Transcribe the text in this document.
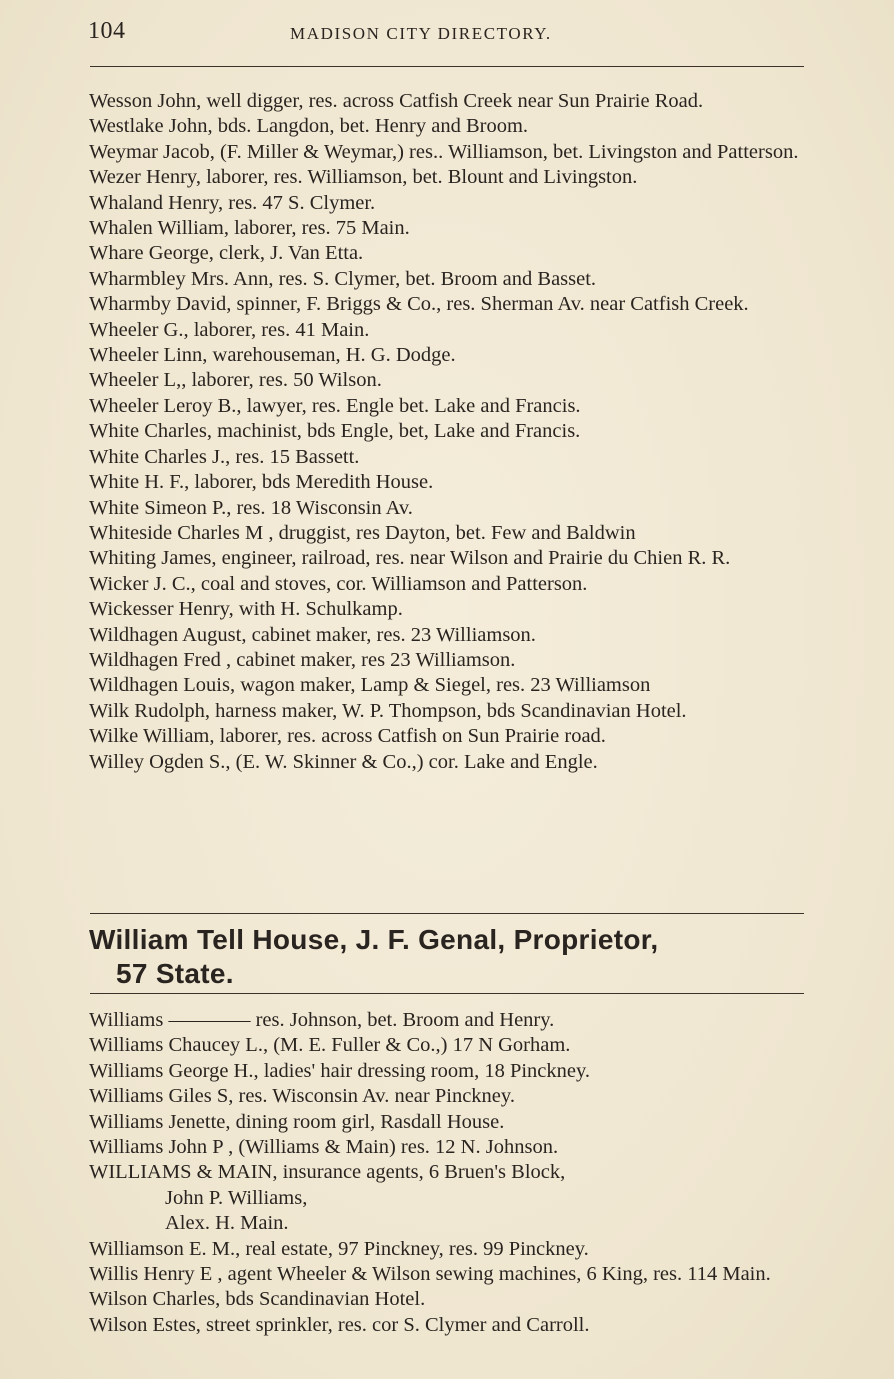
104	MADISON CITY DIRECTORY.
Wesson John, well digger, res. across Catfish Creek near Sun Prairie Road.
Westlake John, bds. Langdon, bet. Henry and Broom.
Weymar Jacob, (F. Miller & Weymar,) res.. Williamson, bet. Livingston and Patterson.
Wezer Henry, laborer, res. Williamson, bet. Blount and Livingston.
Whaland Henry, res. 47 S. Clymer.
Whalen William, laborer, res. 75 Main.
Whare George, clerk, J. Van Etta.
Wharmbley Mrs. Ann, res. S. Clymer, bet. Broom and Basset.
Wharmby David, spinner, F. Briggs & Co., res. Sherman Av. near Catfish Creek.
Wheeler G., laborer, res. 41 Main.
Wheeler Linn, warehouseman, H. G. Dodge.
Wheeler L,, laborer, res. 50 Wilson.
Wheeler Leroy B., lawyer, res. Engle bet. Lake and Francis.
White Charles, machinist, bds Engle, bet, Lake and Francis.
White Charles J., res. 15 Bassett.
White H. F., laborer, bds Meredith House.
White Simeon P., res. 18 Wisconsin Av.
Whiteside Charles M , druggist, res Dayton, bet. Few and Baldwin
Whiting James, engineer, railroad, res. near Wilson and Prairie du Chien R. R.
Wicker J. C., coal and stoves, cor. Williamson and Patterson.
Wickesser Henry, with H. Schulkamp.
Wildhagen August, cabinet maker, res. 23 Williamson.
Wildhagen Fred , cabinet maker, res 23 Williamson.
Wildhagen Louis, wagon maker, Lamp & Siegel, res. 23 Williamson
Wilk Rudolph, harness maker, W. P. Thompson, bds Scandinavian Hotel.
Wilke William, laborer, res. across Catfish on Sun Prairie road.
Willey Ogden S., (E. W. Skinner & Co.,) cor. Lake and Engle.
William Tell House, J. F. Genal, Proprietor,
57 State.
Williams ———— res. Johnson, bet. Broom and Henry.
Williams Chaucey L., (M. E. Fuller & Co.,) 17 N Gorham.
Williams George H., ladies' hair dressing room, 18 Pinckney.
Williams Giles S, res. Wisconsin Av. near Pinckney.
Williams Jenette, dining room girl, Rasdall House.
Williams John P , (Williams & Main) res. 12 N. Johnson.
WILLIAMS & MAIN, insurance agents, 6 Bruen's Block,
John P. Williams,
Alex. H. Main.
Williamson E. M., real estate, 97 Pinckney, res. 99 Pinckney.
Willis Henry E , agent Wheeler & Wilson sewing machines, 6 King, res. 114 Main.
Wilson Charles, bds Scandinavian Hotel.
Wilson Estes, street sprinkler, res. cor S. Clymer and Carroll.
